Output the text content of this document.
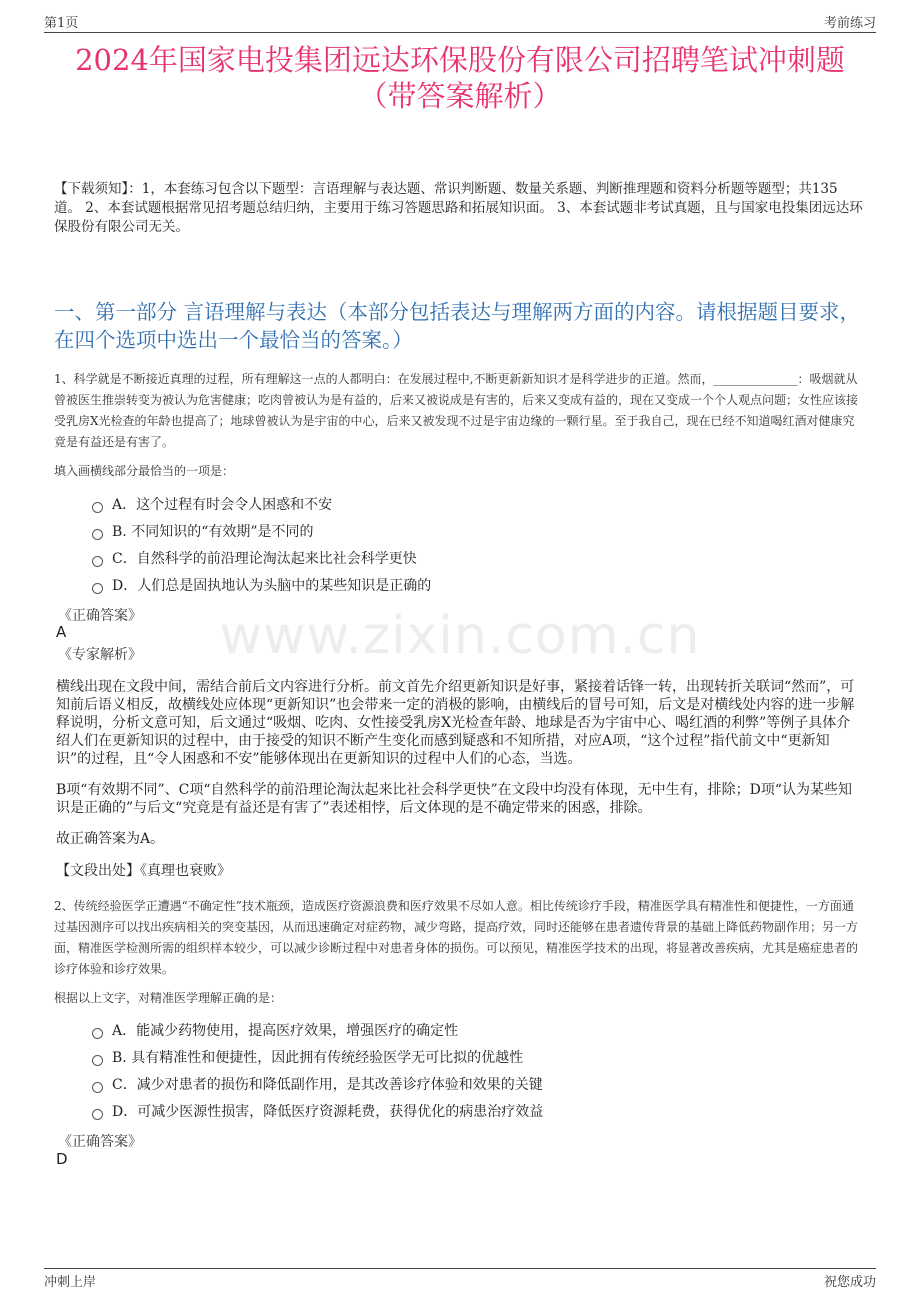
第1页	考前练习
2024年国家电投集团远达环保股份有限公司招聘笔试冲刺题
（带答案解析）
【下载须知】：1，本套练习包含以下题型：言语理解与表达题、常识判断题、数量关系题、判断推理题和资料分析题等题型；共135道。 2、本套试题根据常见招考题总结归纳，主要用于练习答题思路和拓展知识面。 3、本套试题非考试真题，且与国家电投集团远达环保股份有限公司无关。
一、第一部分 言语理解与表达（本部分包括表达与理解两方面的内容。请根据题目要求，在四个选项中选出一个最恰当的答案。）
1、科学就是不断接近真理的过程，所有理解这一点的人都明白：在发展过程中,不断更新新知识才是科学进步的正道。然而，______________：吸烟就从曾被医生推崇转变为被认为危害健康；吃肉曾被认为是有益的，后来又被说成是有害的，后来又变成有益的，现在又变成一个个人观点问题；女性应该接受乳房X光检查的年龄也提高了；地球曾被认为是宇宙的中心，后来又被发现不过是宇宙边缘的一颗行星。至于我自己，现在已经不知道喝红酒对健康究竟是有益还是有害了。
填入画横线部分最恰当的一项是：
A．这个过程有时会令人困惑和不安
B. 不同知识的“有效期”是不同的
C．自然科学的前沿理论淘汰起来比社会科学更快
D．人们总是固执地认为头脑中的某些知识是正确的
《正确答案》
A
《专家解析》	www.zixin.com.cn
横线出现在文段中间，需结合前后文内容进行分析。前文首先介绍更新知识是好事，紧接着话锋一转，出现转折关联词“然而”，可知前后语义相反，故横线处应体现“更新知识”也会带来一定的消极的影响，由横线后的冒号可知，后文是对横线处内容的进一步解释说明，分析文意可知，后文通过“吸烟、吃肉、女性接受乳房X光检查年龄、地球是否为宇宙中心、喝红酒的利弊”等例子具体介绍人们在更新知识的过程中，由于接受的知识不断产生变化而感到疑惑和不知所措，对应A项，“这个过程”指代前文中“更新知识”的过程，且“令人困惑和不安”能够体现出在更新知识的过程中人们的心态，当选。
B项“有效期不同”、C项“自然科学的前沿理论淘汰起来比社会科学更快”在文段中均没有体现，无中生有，排除；D项“认为某些知识是正确的”与后文“究竟是有益还是有害了”表述相悖，后文体现的是不确定带来的困惑，排除。
故正确答案为A。
【文段出处】《真理也衰败》
2、传统经验医学正遭遇“不确定性”技术瓶颈，造成医疗资源浪费和医疗效果不尽如人意。相比传统诊疗手段，精准医学具有精准性和便捷性，一方面通过基因测序可以找出疾病相关的突变基因，从而迅速确定对症药物，减少弯路，提高疗效，同时还能够在患者遗传背景的基础上降低药物副作用；另一方面，精准医学检测所需的组织样本较少，可以减少诊断过程中对患者身体的损伤。可以预见，精准医学技术的出现，将显著改善疾病，尤其是癌症患者的诊疗体验和诊疗效果。
根据以上文字，对精准医学理解正确的是：
A．能减少药物使用，提高医疗效果，增强医疗的确定性
B. 具有精准性和便捷性，因此拥有传统经验医学无可比拟的优越性
C．减少对患者的损伤和降低副作用，是其改善诊疗体验和效果的关键
D．可减少医源性损害，降低医疗资源耗费，获得优化的病患治疗效益
《正确答案》
D
冲刺上岸	祝您成功
